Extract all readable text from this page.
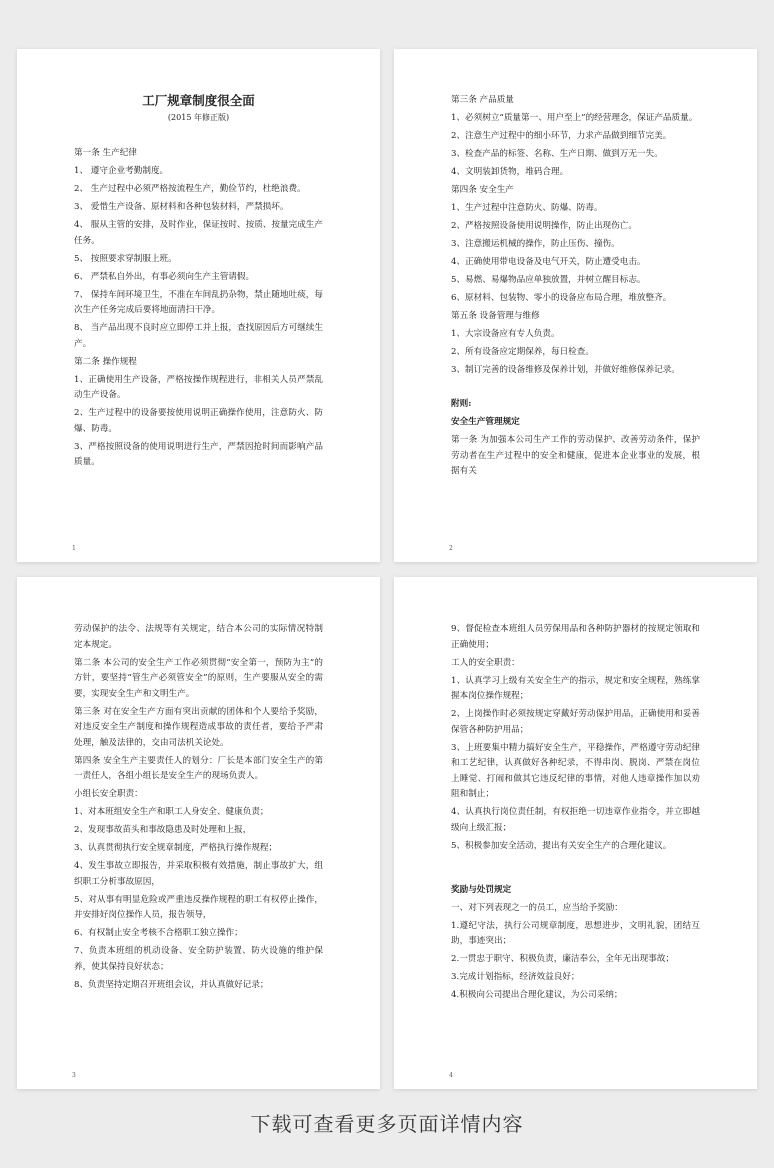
工厂规章制度很全面
(2015 年修正版)
第一条 生产纪律
1、 遵守企业考勤制度。
2、 生产过程中必须严格按流程生产，勤俭节约，杜绝浪费。
3、 爱惜生产设备、原材料和各种包装材料，严禁损坏。
4、 服从主管的安排，及时作业，保证按时、按质、按量完成生产任务。
5、 按照要求穿制服上班。
6、 严禁私自外出，有事必须向生产主管请假。
7、 保持车间环境卫生，不准在车间乱扔杂物，禁止随地吐痰，每次生产任务完成后要将地面清扫干净。
8、 当产品出现不良时应立即停工并上报，查找原因后方可继续生产。
第二条 操作规程
1、正确使用生产设备，严格按操作规程进行，非相关人员严禁乱动生产设备。
2、生产过程中的设备要按使用说明正确操作使用，注意防火、防爆、防毒。
3、严格按照设备的使用说明进行生产，严禁因抢时间而影响产品质量。
1
第三条 产品质量
1、必须树立“质量第一、用户至上”的经营理念，保证产品质量。
2、注意生产过程中的细小环节，力求产品做到细节完美。
3、检查产品的标签、名称、生产日期、做到万无一失。
4、文明装卸货物，堆码合理。
第四条 安全生产
1、生产过程中注意防火、防爆、防毒。
2、严格按照设备使用说明操作，防止出现伤亡。
3、注意搬运机械的操作，防止压伤、撞伤。
4、正确使用带电设备及电气开关，防止遭受电击。
5、易燃、易爆物品应单独放置，并树立醒目标志。
6、原材料、包装物、零小的设备应布局合理，堆放整齐。
第五条 设备管理与维修
1、大宗设备应有专人负责。
2、所有设备应定期保养，每日检查。
3、制订完善的设备维修及保养计划，并做好维修保养记录。
附则:
安全生产管理规定
第一条 为加强本公司生产工作的劳动保护、改善劳动条件，保护劳动者在生产过程中的安全和健康，促进本企业事业的发展，根据有关
2
劳动保护的法令、法规等有关规定，结合本公司的实际情况特制定本规定。
第二条 本公司的安全生产工作必须贯彻“安全第一，预防为主”的方针，要坚持“管生产必须管安全”的原则，生产要服从安全的需要，实现安全生产和文明生产。
第三条 对在安全生产方面有突出贡献的团体和个人要给予奖励，对违反安全生产制度和操作规程造成事故的责任者，要给予严肃处理，触及法律的，交由司法机关论处。
第四条 安全生产主要责任人的划分：厂长是本部门安全生产的第一责任人，各组小组长是安全生产的现场负责人。
小组长安全职责：
1、对本班组安全生产和职工人身安全、健康负责；
2、发现事故苗头和事故隐患及时处理和上报，
3、认真贯彻执行安全规章制度，严格执行操作规程；
4、发生事故立即报告，并采取积极有效措施，制止事故扩大，组织职工分析事故原因，
5、对从事有明显危险或严重违反操作规程的职工有权停止操作，并安排好岗位操作人员，报告领导，
6、有权制止安全考核不合格职工独立操作；
7、负责本班组的机动设备、安全防护装置、防火设施的维护保养，使其保持良好状态；
8、负责坚持定期召开班组会议，并认真做好记录；
3
9、督促检查本班组人员劳保用品和各种防护器材的按规定领取和正确使用；
工人的安全职责：
1、认真学习上级有关安全生产的指示，规定和安全规程，熟练掌握本岗位操作规程；
2、上岗操作时必须按规定穿戴好劳动保护用品，正确使用和妥善保管各种防护用品；
3、上班要集中精力搞好安全生产，平稳操作，严格遵守劳动纪律和工艺纪律，认真做好各种纪录，不得串岗、脱岗、严禁在岗位上睡觉、打闹和做其它违反纪律的事情，对他人违章操作加以劝阻和制止；
4、认真执行岗位责任制，有权拒绝一切违章作业指令，并立即越级向上级汇报；
5、积极参加安全活动，提出有关安全生产的合理化建议。
奖励与处罚规定
一、对下列表现之一的员工，应当给予奖励：
1.遵纪守法，执行公司规章制度，思想进步，文明礼貌，团结互助，事迹突出；
2.一贯忠于职守、积极负责，廉洁奉公，全年无出现事故；
3.完成计划指标，经济效益良好；
4.积极向公司提出合理化建议，为公司采纳；
4
下载可查看更多页面详情内容
